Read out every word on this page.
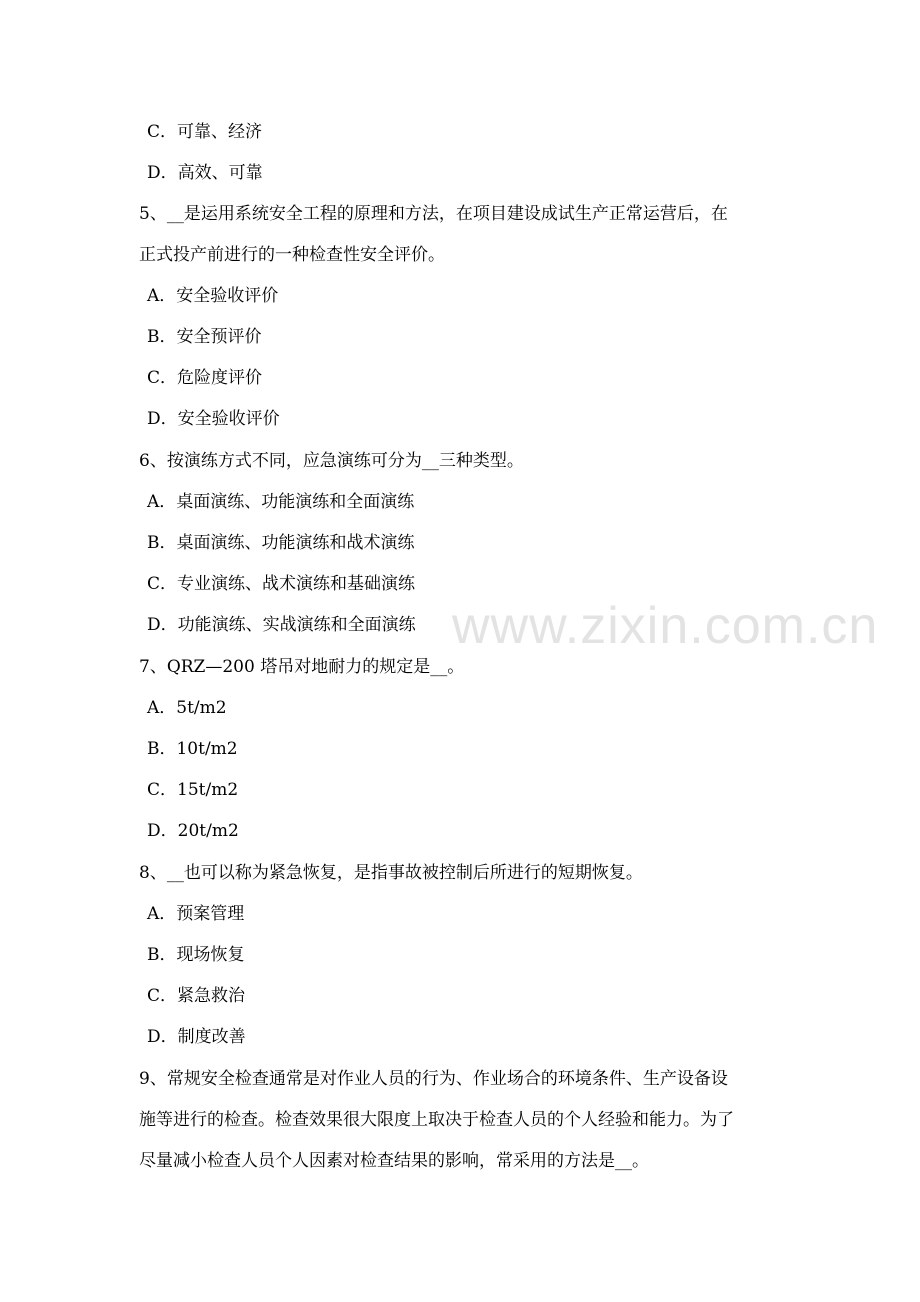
www.zixin.com.cn
C．可靠、经济
D．高效、可靠
5、__是运用系统安全工程的原理和方法，在项目建设成试生产正常运营后，在
正式投产前进行的一种检查性安全评价。
A．安全验收评价
B．安全预评价
C．危险度评价
D．安全验收评价
6、按演练方式不同，应急演练可分为__三种类型。
A．桌面演练、功能演练和全面演练
B．桌面演练、功能演练和战术演练
C．专业演练、战术演练和基础演练
D．功能演练、实战演练和全面演练
7、QRZ—200 塔吊对地耐力的规定是__。
A．5t/m2
B．10t/m2
C．15t/m2
D．20t/m2
8、__也可以称为紧急恢复，是指事故被控制后所进行的短期恢复。
A．预案管理
B．现场恢复
C．紧急救治
D．制度改善
9、常规安全检查通常是对作业人员的行为、作业场合的环境条件、生产设备设
施等进行的检查。检查效果很大限度上取决于检查人员的个人经验和能力。为了
尽量减小检查人员个人因素对检查结果的影响，常采用的方法是__。
